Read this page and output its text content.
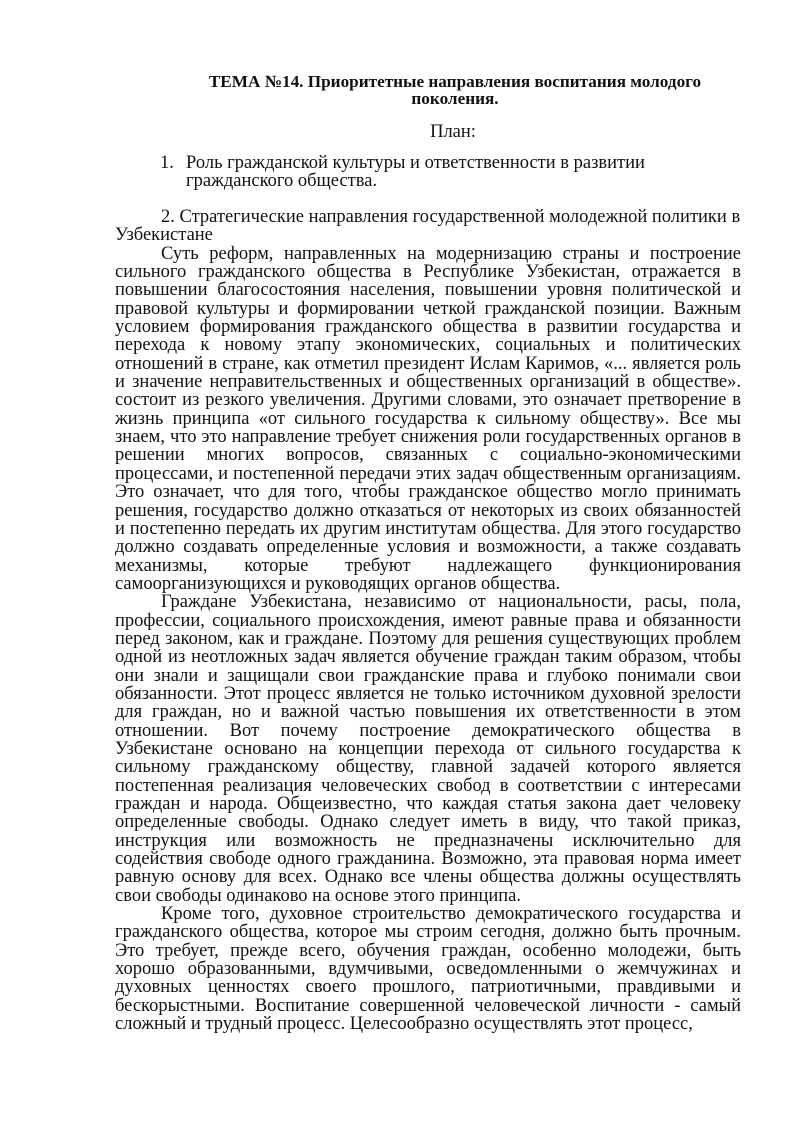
ТЕМА №14. Приоритетные направления воспитания молодого поколения.
План:
1. Роль гражданской культуры и ответственности в развитии гражданского общества.

2. Стратегические направления государственной молодежной политики в Узбекистане

Суть реформ, направленных на модернизацию страны и построение сильного гражданского общества в Республике Узбекистан, отражается в повышении благосостояния населения, повышении уровня политической и правовой культуры и формировании четкой гражданской позиции. Важным условием формирования гражданского общества в развитии государства и перехода к новому этапу экономических, социальных и политических отношений в стране, как отметил президент Ислам Каримов, «... является роль и значение неправительственных и общественных организаций в обществе». состоит из резкого увеличения. Другими словами, это означает претворение в жизнь принципа «от сильного государства к сильному обществу». Все мы знаем, что это направление требует снижения роли государственных органов в решении многих вопросов, связанных с социально-экономическими процессами, и постепенной передачи этих задач общественным организациям. Это означает, что для того, чтобы гражданское общество могло принимать решения, государство должно отказаться от некоторых из своих обязанностей и постепенно передать их другим институтам общества. Для этого государство должно создавать определенные условия и возможности, а также создавать механизмы, которые требуют надлежащего функционирования самоорганизующихся и руководящих органов общества.

Граждане Узбекистана, независимо от национальности, расы, пола, профессии, социального происхождения, имеют равные права и обязанности перед законом, как и граждане. Поэтому для решения существующих проблем одной из неотложных задач является обучение граждан таким образом, чтобы они знали и защищали свои гражданские права и глубоко понимали свои обязанности. Этот процесс является не только источником духовной зрелости для граждан, но и важной частью повышения их ответственности в этом отношении. Вот почему построение демократического общества в Узбекистане основано на концепции перехода от сильного государства к сильному гражданскому обществу, главной задачей которого является постепенная реализация человеческих свобод в соответствии с интересами граждан и народа. Общеизвестно, что каждая статья закона дает человеку определенные свободы. Однако следует иметь в виду, что такой приказ, инструкция или возможность не предназначены исключительно для содействия свободе одного гражданина. Возможно, эта правовая норма имеет равную основу для всех. Однако все члены общества должны осуществлять свои свободы одинаково на основе этого принципа.

Кроме того, духовное строительство демократического государства и гражданского общества, которое мы строим сегодня, должно быть прочным. Это требует, прежде всего, обучения граждан, особенно молодежи, быть хорошо образованными, вдумчивыми, осведомленными о жемчужинах и духовных ценностях своего прошлого, патриотичными, правдивыми и бескорыстными. Воспитание совершенной человеческой личности - самый сложный и трудный процесс. Целесообразно осуществлять этот процесс,
